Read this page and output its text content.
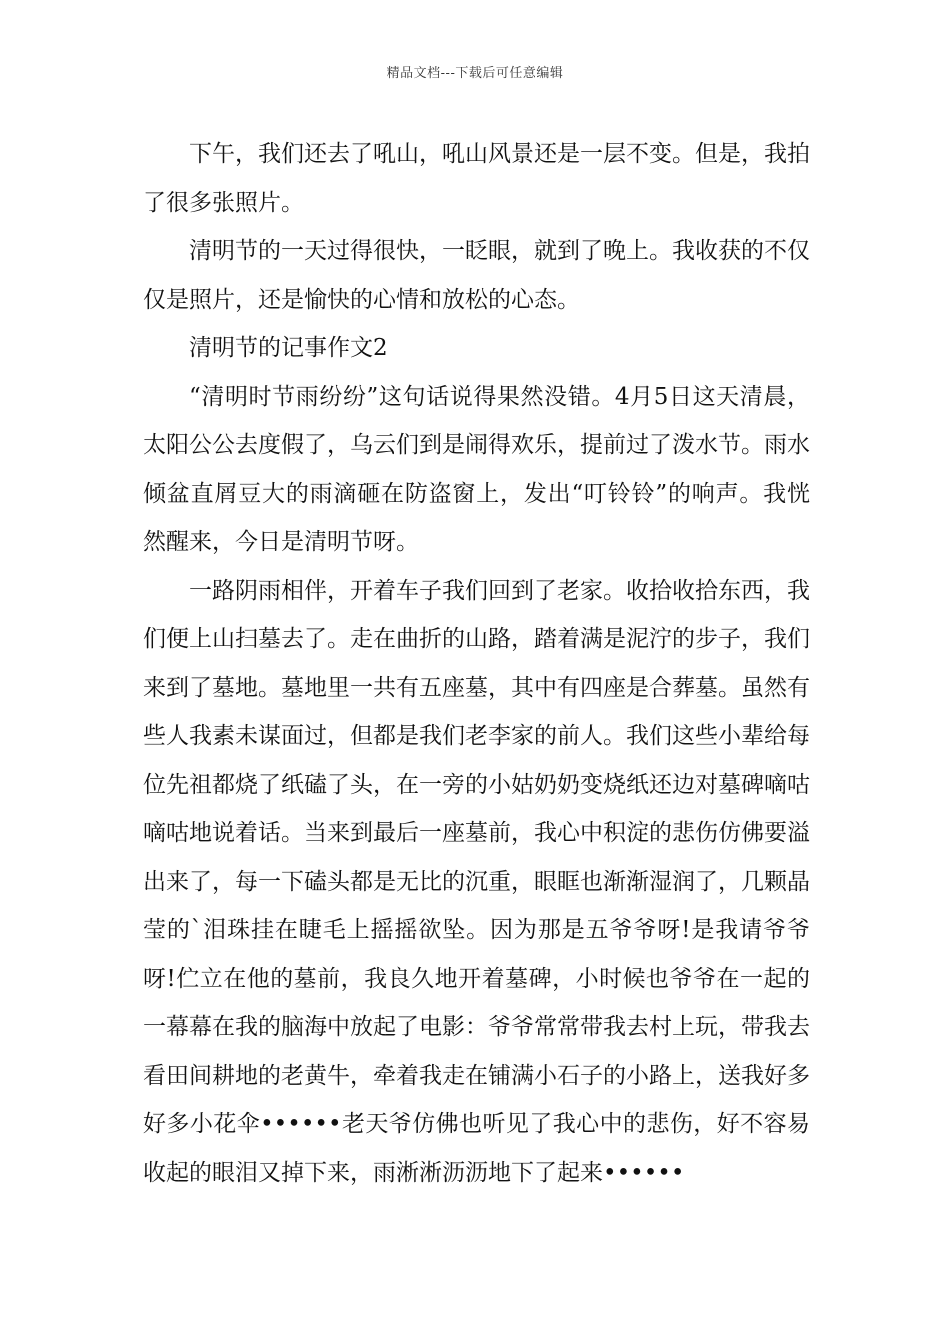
精品文档---下载后可任意编辑

下午，我们还去了吼山，吼山风景还是一层不变。但是，我拍了很多张照片。

清明节的一天过得很快，一眨眼，就到了晚上。我收获的不仅仅是照片，还是愉快的心情和放松的心态。

清明节的记事作文2

“清明时节雨纷纷”这句话说得果然没错。4月5日这天清晨，太阳公公去度假了，乌云们到是闹得欢乐，提前过了泼水节。雨水倾盆直屑豆大的雨滴砸在防盗窗上，发出“叮铃铃”的响声。我恍然醒来，今日是清明节呀。

一路阴雨相伴，开着车子我们回到了老家。收拾收拾东西，我们便上山扫墓去了。走在曲折的山路，踏着满是泥泞的步子，我们来到了墓地。墓地里一共有五座墓，其中有四座是合葬墓。虽然有些人我素未谋面过，但都是我们老李家的前人。我们这些小辈给每位先祖都烧了纸磕了头，在一旁的小姑奶奶变烧纸还边对墓碑嘀咕嘀咕地说着话。当来到最后一座墓前，我心中积淀的悲伤仿佛要溢出来了，每一下磕头都是无比的沉重，眼眶也渐渐湿润了，几颗晶莹的`泪珠挂在睫毛上摇摇欲坠。因为那是五爷爷呀!是我请爷爷呀!伫立在他的墓前，我良久地开着墓碑，小时候也爷爷在一起的一幕幕在我的脑海中放起了电影：爷爷常常带我去村上玩，带我去看田间耕地的老黄牛，牵着我走在铺满小石子的小路上，送我好多好多小花伞••••••老天爷仿佛也听见了我心中的悲伤，好不容易收起的眼泪又掉下来，雨淅淅沥沥地下了起来••••••
